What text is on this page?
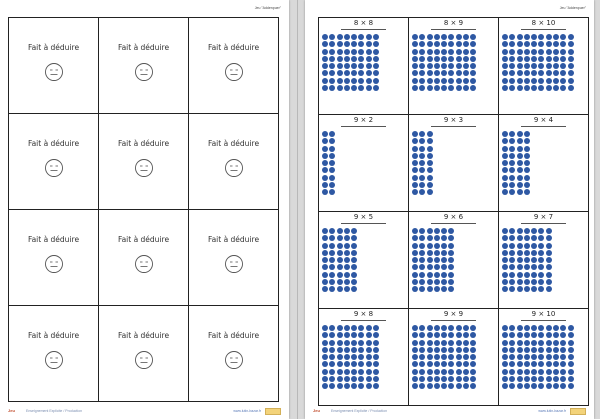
Jeu "Addenpuer"
Fait à déduire	Fait à déduire	Fait à déduire
Fait à déduire	Fait à déduire	Fait à déduire
Fait à déduire	Fait à déduire	Fait à déduire
Fait à déduire	Fait à déduire	Fait à déduire
Jeu	Enseignement Explicite / Production	www.lutin-bazar.fr
Jeu "Addenpuer"
8 × 8	8 × 9	8 × 10
9 × 2	9 × 3	9 × 4
9 × 5	9 × 6	9 × 7
9 × 8	9 × 9	9 × 10
Jeu	Enseignement Explicite / Production	www.lutin-bazar.fr
